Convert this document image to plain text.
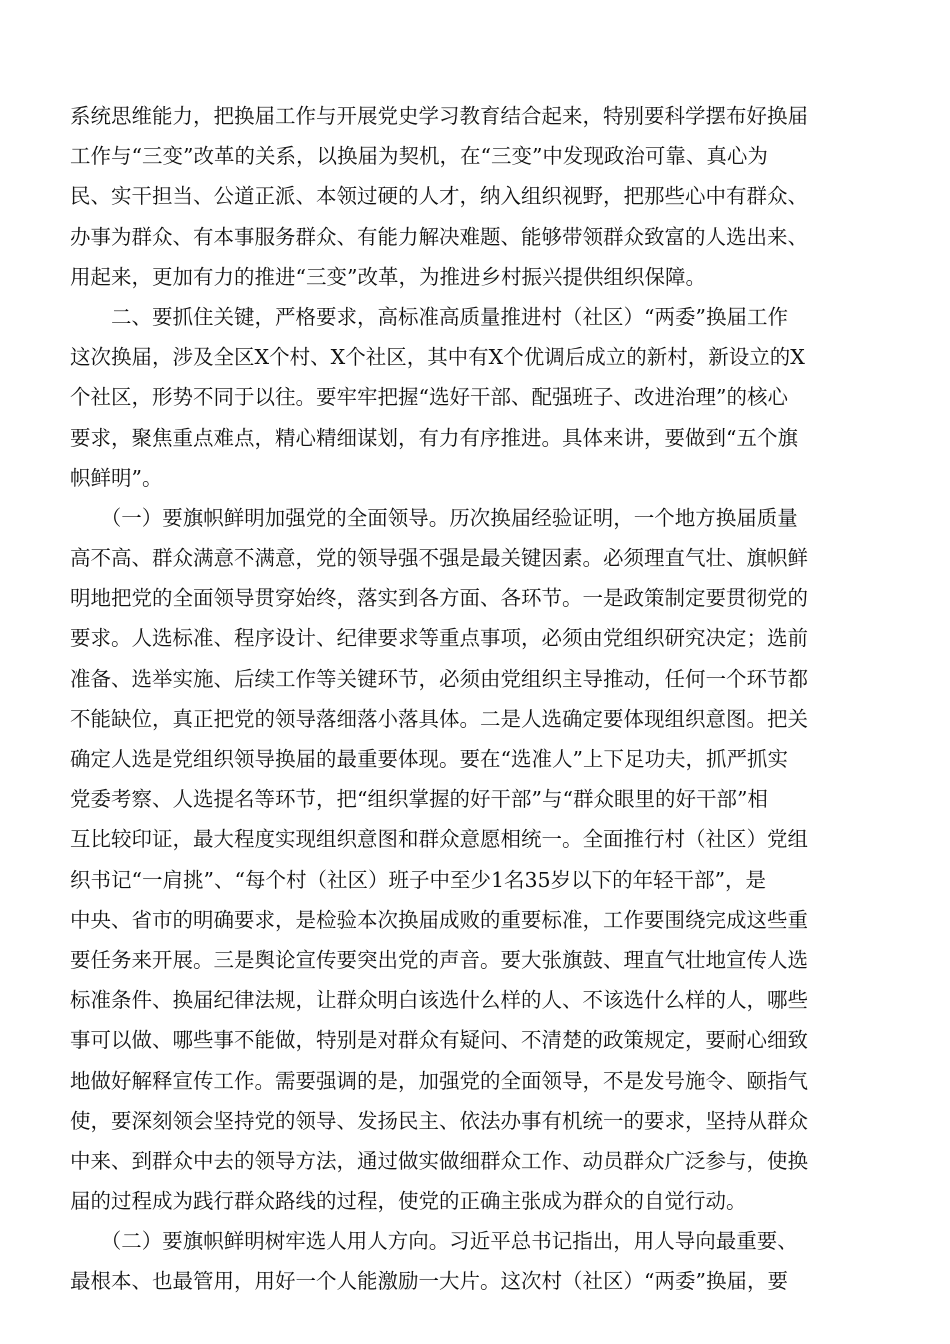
系统思维能力，把换届工作与开展党史学习教育结合起来，特别要科学摆布好换届
工作与“三变”改革的关系，以换届为契机，在“三变”中发现政治可靠、真心为
民、实干担当、公道正派、本领过硬的人才，纳入组织视野，把那些心中有群众、
办事为群众、有本事服务群众、有能力解决难题、能够带领群众致富的人选出来、
用起来，更加有力的推进“三变”改革，为推进乡村振兴提供组织保障。
　　二、要抓住关键，严格要求，高标准高质量推进村（社区）“两委”换届工作
这次换届，涉及全区X个村、X个社区，其中有X个优调后成立的新村，新设立的X
个社区，形势不同于以往。要牢牢把握“选好干部、配强班子、改进治理”的核心
要求，聚焦重点难点，精心精细谋划，有力有序推进。具体来讲，要做到“五个旗
帜鲜明”。
　　（一）要旗帜鲜明加强党的全面领导。历次换届经验证明，一个地方换届质量
高不高、群众满意不满意，党的领导强不强是最关键因素。必须理直气壮、旗帜鲜
明地把党的全面领导贯穿始终，落实到各方面、各环节。一是政策制定要贯彻党的
要求。人选标准、程序设计、纪律要求等重点事项，必须由党组织研究决定；选前
准备、选举实施、后续工作等关键环节，必须由党组织主导推动，任何一个环节都
不能缺位，真正把党的领导落细落小落具体。二是人选确定要体现组织意图。把关
确定人选是党组织领导换届的最重要体现。要在“选准人”上下足功夫，抓严抓实
党委考察、人选提名等环节，把“组织掌握的好干部”与“群众眼里的好干部”相
互比较印证，最大程度实现组织意图和群众意愿相统一。全面推行村（社区）党组
织书记“一肩挑”、“每个村（社区）班子中至少1名35岁以下的年轻干部”，是
中央、省市的明确要求，是检验本次换届成败的重要标准，工作要围绕完成这些重
要任务来开展。三是舆论宣传要突出党的声音。要大张旗鼓、理直气壮地宣传人选
标准条件、换届纪律法规，让群众明白该选什么样的人、不该选什么样的人，哪些
事可以做、哪些事不能做，特别是对群众有疑问、不清楚的政策规定，要耐心细致
地做好解释宣传工作。需要强调的是，加强党的全面领导，不是发号施令、颐指气
使，要深刻领会坚持党的领导、发扬民主、依法办事有机统一的要求，坚持从群众
中来、到群众中去的领导方法，通过做实做细群众工作、动员群众广泛参与，使换
届的过程成为践行群众路线的过程，使党的正确主张成为群众的自觉行动。
　　（二）要旗帜鲜明树牢选人用人方向。习近平总书记指出，用人导向最重要、
最根本、也最管用，用好一个人能激励一大片。这次村（社区）“两委”换届，要
